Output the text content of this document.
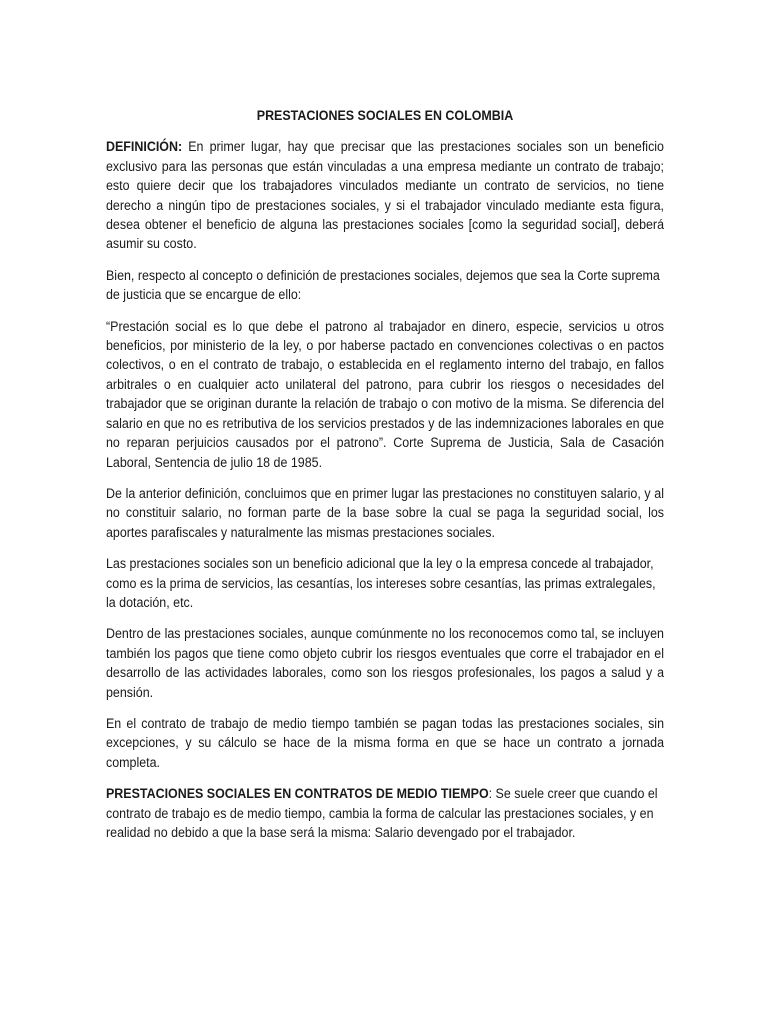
PRESTACIONES SOCIALES EN COLOMBIA

DEFINICIÓN: En primer lugar, hay que precisar que las prestaciones sociales son un beneficio exclusivo para las personas que están vinculadas a una empresa mediante un contrato de trabajo; esto quiere decir que los trabajadores vinculados mediante un contrato de servicios, no tiene derecho a ningún tipo de prestaciones sociales, y si el trabajador vinculado mediante esta figura, desea obtener el beneficio de alguna las prestaciones sociales [como la seguridad social], deberá asumir su costo.

Bien, respecto al concepto o definición de prestaciones sociales, dejemos que sea la Corte suprema de justicia que se encargue de ello:

“Prestación social es lo que debe el patrono al trabajador en dinero, especie, servicios u otros beneficios, por ministerio de la ley, o por haberse pactado en convenciones colectivas o en pactos colectivos, o en el contrato de trabajo, o establecida en el reglamento interno del trabajo, en fallos arbitrales o en cualquier acto unilateral del patrono, para cubrir los riesgos o necesidades del trabajador que se originan durante la relación de trabajo o con motivo de la misma. Se diferencia del salario en que no es retributiva de los servicios prestados y de las indemnizaciones laborales en que no reparan perjuicios causados por el patrono”. Corte Suprema de Justicia, Sala de Casación Laboral, Sentencia de julio 18 de 1985.

De la anterior definición, concluimos que en primer lugar las prestaciones no constituyen salario, y al no constituir salario, no forman parte de la base sobre la cual se paga la seguridad social, los aportes parafiscales y naturalmente las mismas prestaciones sociales.

Las prestaciones sociales son un beneficio adicional que la ley o la empresa concede al trabajador, como es la prima de servicios, las cesantías, los intereses sobre cesantías, las primas extralegales, la dotación, etc.

Dentro de las prestaciones sociales, aunque comúnmente no los reconocemos como tal, se incluyen también los pagos que tiene como objeto cubrir los riesgos eventuales que corre el trabajador en el desarrollo de las actividades laborales, como son los riesgos profesionales, los pagos a salud y a pensión.

En el contrato de trabajo de medio tiempo también se pagan todas las prestaciones sociales, sin excepciones, y su cálculo se hace de la misma forma en que se hace un contrato a jornada completa.

PRESTACIONES SOCIALES EN CONTRATOS DE MEDIO TIEMPO: Se suele creer que cuando el contrato de trabajo es de medio tiempo, cambia la forma de calcular las prestaciones sociales, y en realidad no debido a que la base será la misma: Salario devengado por el trabajador.
